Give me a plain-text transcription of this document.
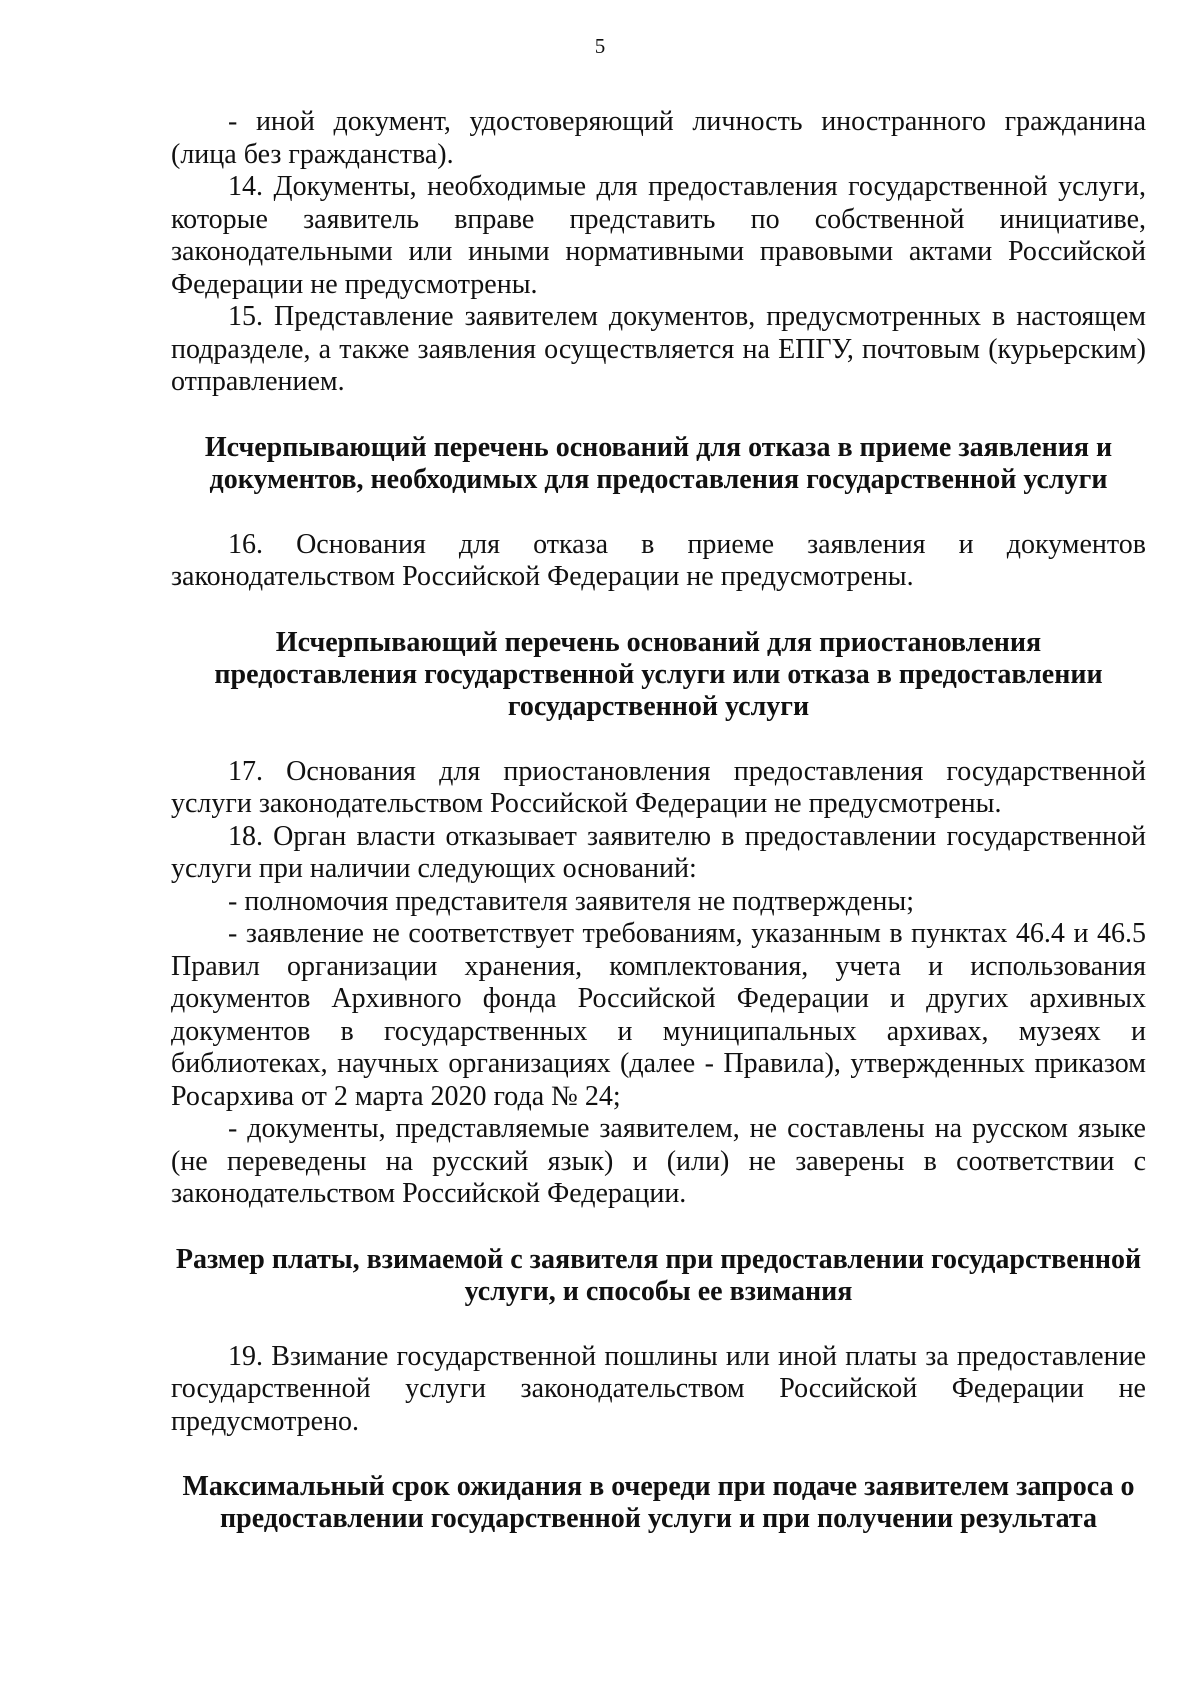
5

- иной документ, удостоверяющий личность иностранного гражданина (лица без гражданства).

14. Документы, необходимые для предоставления государственной услуги, которые заявитель вправе представить по собственной инициативе, законодательными или иными нормативными правовыми актами Российской Федерации не предусмотрены.

15. Представление заявителем документов, предусмотренных в настоящем подразделе, а также заявления осуществляется на ЕПГУ, почтовым (курьерским) отправлением.

Исчерпывающий перечень оснований для отказа в приеме заявления и документов, необходимых для предоставления государственной услуги

16. Основания для отказа в приеме заявления и документов законодательством Российской Федерации не предусмотрены.

Исчерпывающий перечень оснований для приостановления предоставления государственной услуги или отказа в предоставлении государственной услуги

17. Основания для приостановления предоставления государственной услуги законодательством Российской Федерации не предусмотрены.

18. Орган власти отказывает заявителю в предоставлении государственной услуги при наличии следующих оснований:

- полномочия представителя заявителя не подтверждены;

- заявление не соответствует требованиям, указанным в пунктах 46.4 и 46.5 Правил организации хранения, комплектования, учета и использования документов Архивного фонда Российской Федерации и других архивных документов в государственных и муниципальных архивах, музеях и библиотеках, научных организациях (далее - Правила), утвержденных приказом Росархива от 2 марта 2020 года № 24;

- документы, представляемые заявителем, не составлены на русском языке (не переведены на русский язык) и (или) не заверены в соответствии с законодательством Российской Федерации.

Размер платы, взимаемой с заявителя при предоставлении государственной услуги, и способы ее взимания

19. Взимание государственной пошлины или иной платы за предоставление государственной услуги законодательством Российской Федерации не предусмотрено.

Максимальный срок ожидания в очереди при подаче заявителем запроса о предоставлении государственной услуги и при получении результата
